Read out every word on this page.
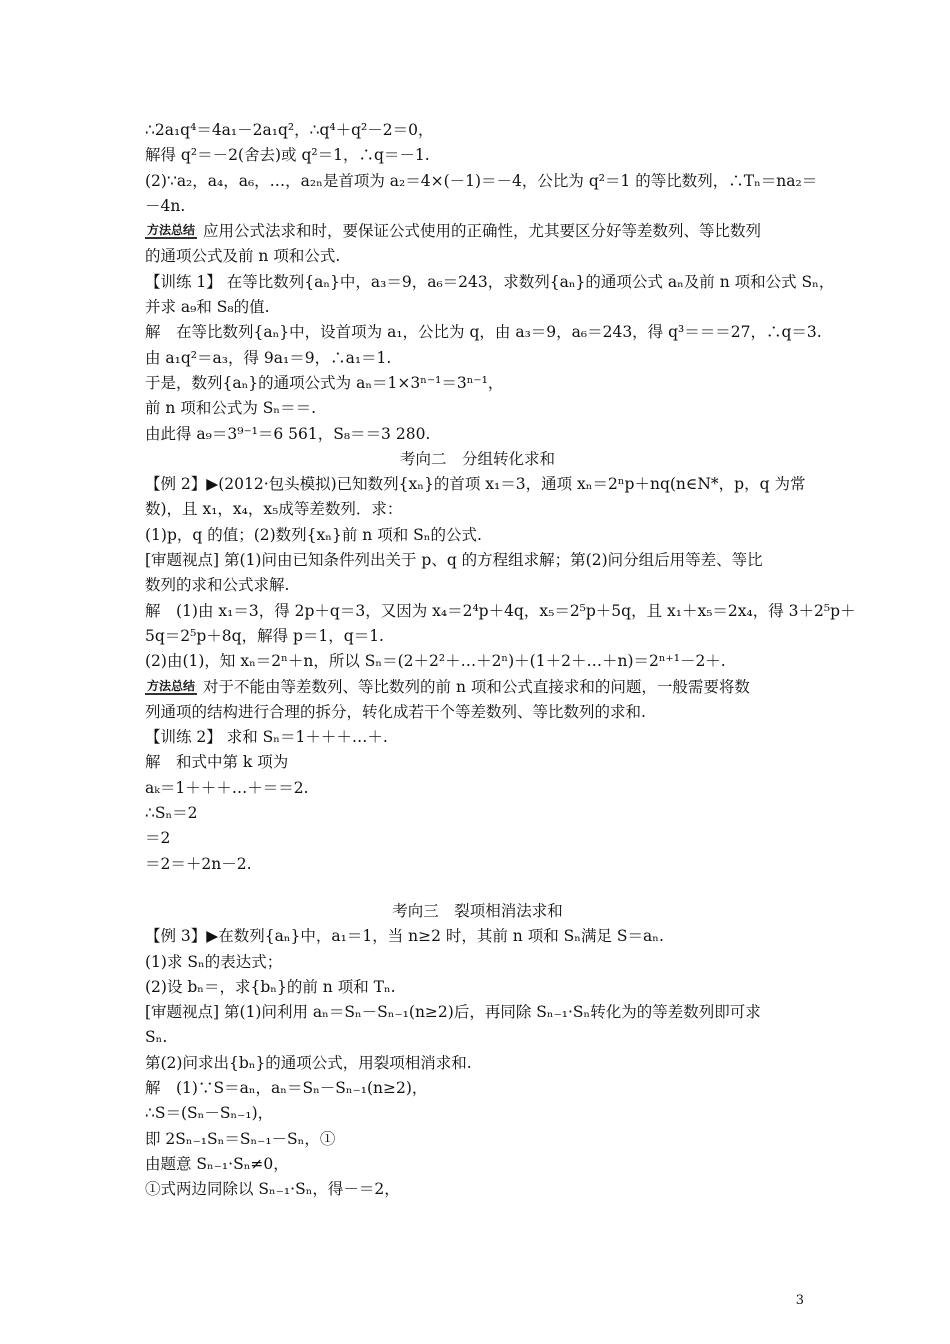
∴2a₁q⁴＝4a₁－2a₁q²，∴q⁴＋q²－2＝0，
解得 q²＝－2(舍去)或 q²＝1，∴q＝－1.
(2)∵a₂，a₄，a₆，…，a₂ₙ是首项为 a₂＝4×(－1)＝－4，公比为 q²＝1 的等比数列，∴Tₙ＝na₂＝
－4n.
方法总结 应用公式法求和时，要保证公式使用的正确性，尤其要区分好等差数列、等比数列
的通项公式及前 n 项和公式.
【训练 1】 在等比数列{aₙ}中，a₃＝9，a₆＝243，求数列{aₙ}的通项公式 aₙ及前 n 项和公式 Sₙ，
并求 a₉和 S₈的值.
解　在等比数列{aₙ}中，设首项为 a₁，公比为 q，由 a₃＝9，a₆＝243，得 q³＝＝＝27，∴q＝3.
由 a₁q²＝a₃，得 9a₁＝9，∴a₁＝1.
于是，数列{aₙ}的通项公式为 aₙ＝1×3ⁿ⁻¹＝3ⁿ⁻¹，
前 n 项和公式为 Sₙ＝＝.
由此得 a₉＝3⁹⁻¹＝6 561，S₈＝＝3 280.
考向二　分组转化求和
【例 2】▶(2012·包头模拟)已知数列{xₙ}的首项 x₁＝3，通项 xₙ＝2ⁿp＋nq(n∈N*，p，q 为常
数)，且 x₁，x₄，x₅成等差数列．求：
(1)p，q 的值；(2)数列{xₙ}前 n 项和 Sₙ的公式.
[审题视点] 第(1)问由已知条件列出关于 p、q 的方程组求解；第(2)问分组后用等差、等比
数列的求和公式求解.
解　(1)由 x₁＝3，得 2p＋q＝3，又因为 x₄＝2⁴p＋4q，x₅＝2⁵p＋5q，且 x₁＋x₅＝2x₄，得 3＋2⁵p＋
5q＝2⁵p＋8q，解得 p＝1，q＝1.
(2)由(1)，知 xₙ＝2ⁿ＋n，所以 Sₙ＝(2＋2²＋…＋2ⁿ)＋(1＋2＋…＋n)＝2ⁿ⁺¹－2＋.
方法总结 对于不能由等差数列、等比数列的前 n 项和公式直接求和的问题，一般需要将数
列通项的结构进行合理的拆分，转化成若干个等差数列、等比数列的求和.
【训练 2】 求和 Sₙ＝1＋＋＋…＋.
解　和式中第 k 项为
aₖ＝1＋＋＋…＋＝＝2.
∴Sₙ＝2
＝2
＝2＝＋2n－2.
考向三　裂项相消法求和
【例 3】▶在数列{aₙ}中，a₁＝1，当 n≥2 时，其前 n 项和 Sₙ满足 S＝aₙ.
(1)求 Sₙ的表达式；
(2)设 bₙ＝，求{bₙ}的前 n 项和 Tₙ.
[审题视点] 第(1)问利用 aₙ＝Sₙ－Sₙ₋₁(n≥2)后，再同除 Sₙ₋₁·Sₙ转化为的等差数列即可求
Sₙ.
第(2)问求出{bₙ}的通项公式，用裂项相消求和.
解　(1)∵S＝aₙ，aₙ＝Sₙ－Sₙ₋₁(n≥2)，
∴S＝(Sₙ－Sₙ₋₁)，
即 2Sₙ₋₁Sₙ＝Sₙ₋₁－Sₙ，①
由题意 Sₙ₋₁·Sₙ≠0，
①式两边同除以 Sₙ₋₁·Sₙ，得－＝2，
3
